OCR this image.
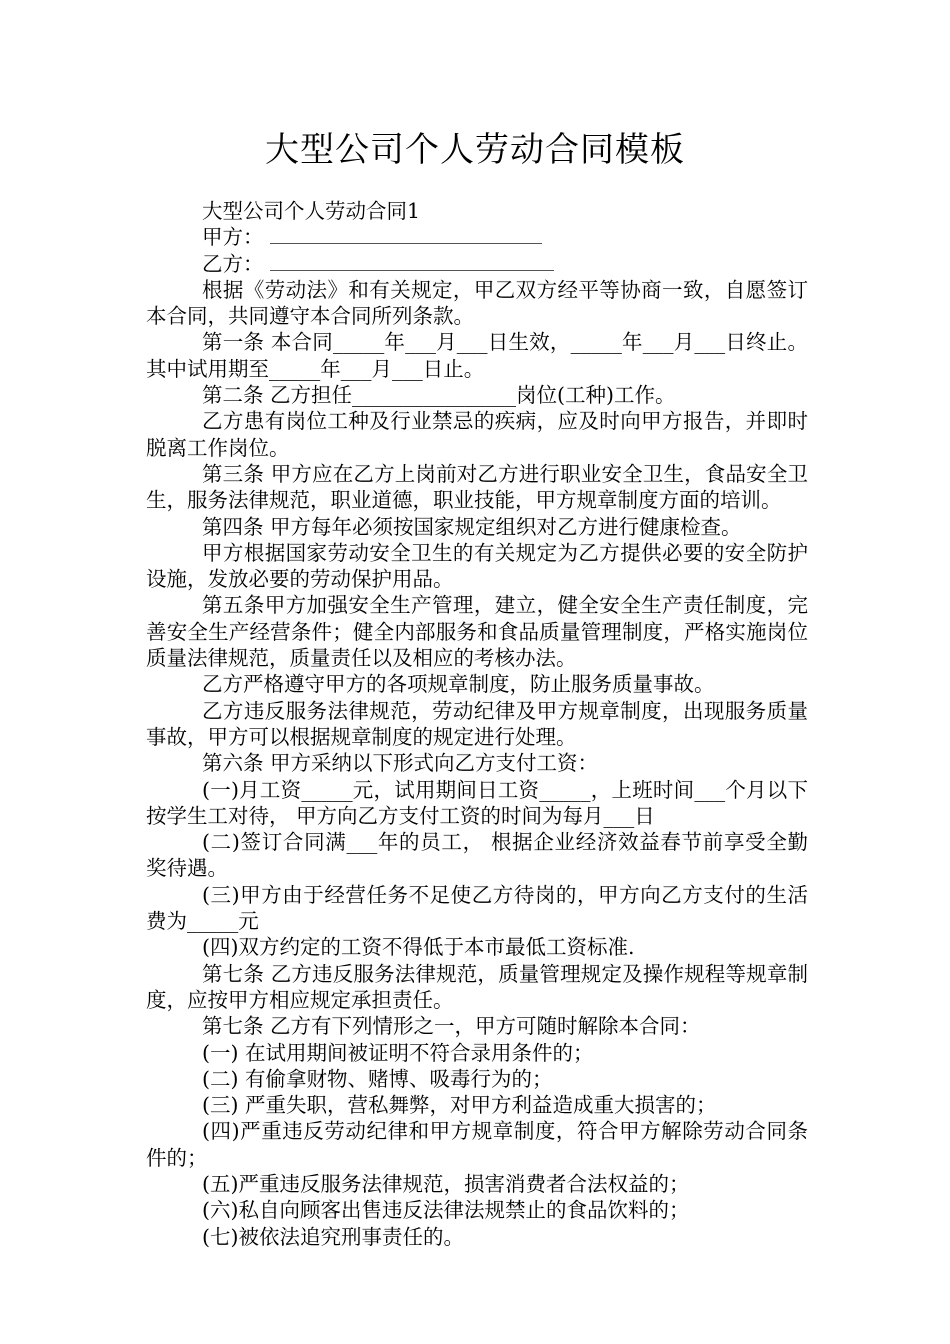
大型公司个人劳动合同模板

大型公司个人劳动合同1

甲方：

乙方：

根据《劳动法》和有关规定，甲乙双方经平等协商一致，自愿签订本合同，共同遵守本合同所列条款。

第一条 本合同_____年___月___日生效，_____年___月___日终止。 其中试用期至_____年___月___日止。

第二条 乙方担任________________岗位(工种)工作。

乙方患有岗位工种及行业禁忌的疾病，应及时向甲方报告，并即时脱离工作岗位。

第三条 甲方应在乙方上岗前对乙方进行职业安全卫生，食品安全卫生，服务法律规范，职业道德，职业技能，甲方规章制度方面的培训。

第四条 甲方每年必须按国家规定组织对乙方进行健康检查。

甲方根据国家劳动安全卫生的有关规定为乙方提供必要的安全防护设施，发放必要的劳动保护用品。

第五条甲方加强安全生产管理，建立，健全安全生产责任制度，完善安全生产经营条件；健全内部服务和食品质量管理制度，严格实施岗位质量法律规范，质量责任以及相应的考核办法。

乙方严格遵守甲方的各项规章制度，防止服务质量事故。

乙方违反服务法律规范，劳动纪律及甲方规章制度，出现服务质量事故，甲方可以根据规章制度的规定进行处理。

第六条 甲方采纳以下形式向乙方支付工资：

(一)月工资_____元，试用期间日工资_____，上班时间___个月以下按学生工对待， 甲方向乙方支付工资的时间为每月___日

(二)签订合同满___年的员工， 根据企业经济效益春节前享受全勤奖待遇。

(三)甲方由于经营任务不足使乙方待岗的，甲方向乙方支付的生活费为_____元

(四)双方约定的工资不得低于本市最低工资标准.

第七条 乙方违反服务法律规范，质量管理规定及操作规程等规章制度，应按甲方相应规定承担责任。

第七条 乙方有下列情形之一，甲方可随时解除本合同：

(一) 在试用期间被证明不符合录用条件的；

(二) 有偷拿财物、赌博、吸毒行为的；

(三) 严重失职，营私舞弊，对甲方利益造成重大损害的；

(四)严重违反劳动纪律和甲方规章制度，符合甲方解除劳动合同条件的；

(五)严重违反服务法律规范，损害消费者合法权益的；

(六)私自向顾客出售违反法律法规禁止的食品饮料的；

(七)被依法追究刑事责任的。
